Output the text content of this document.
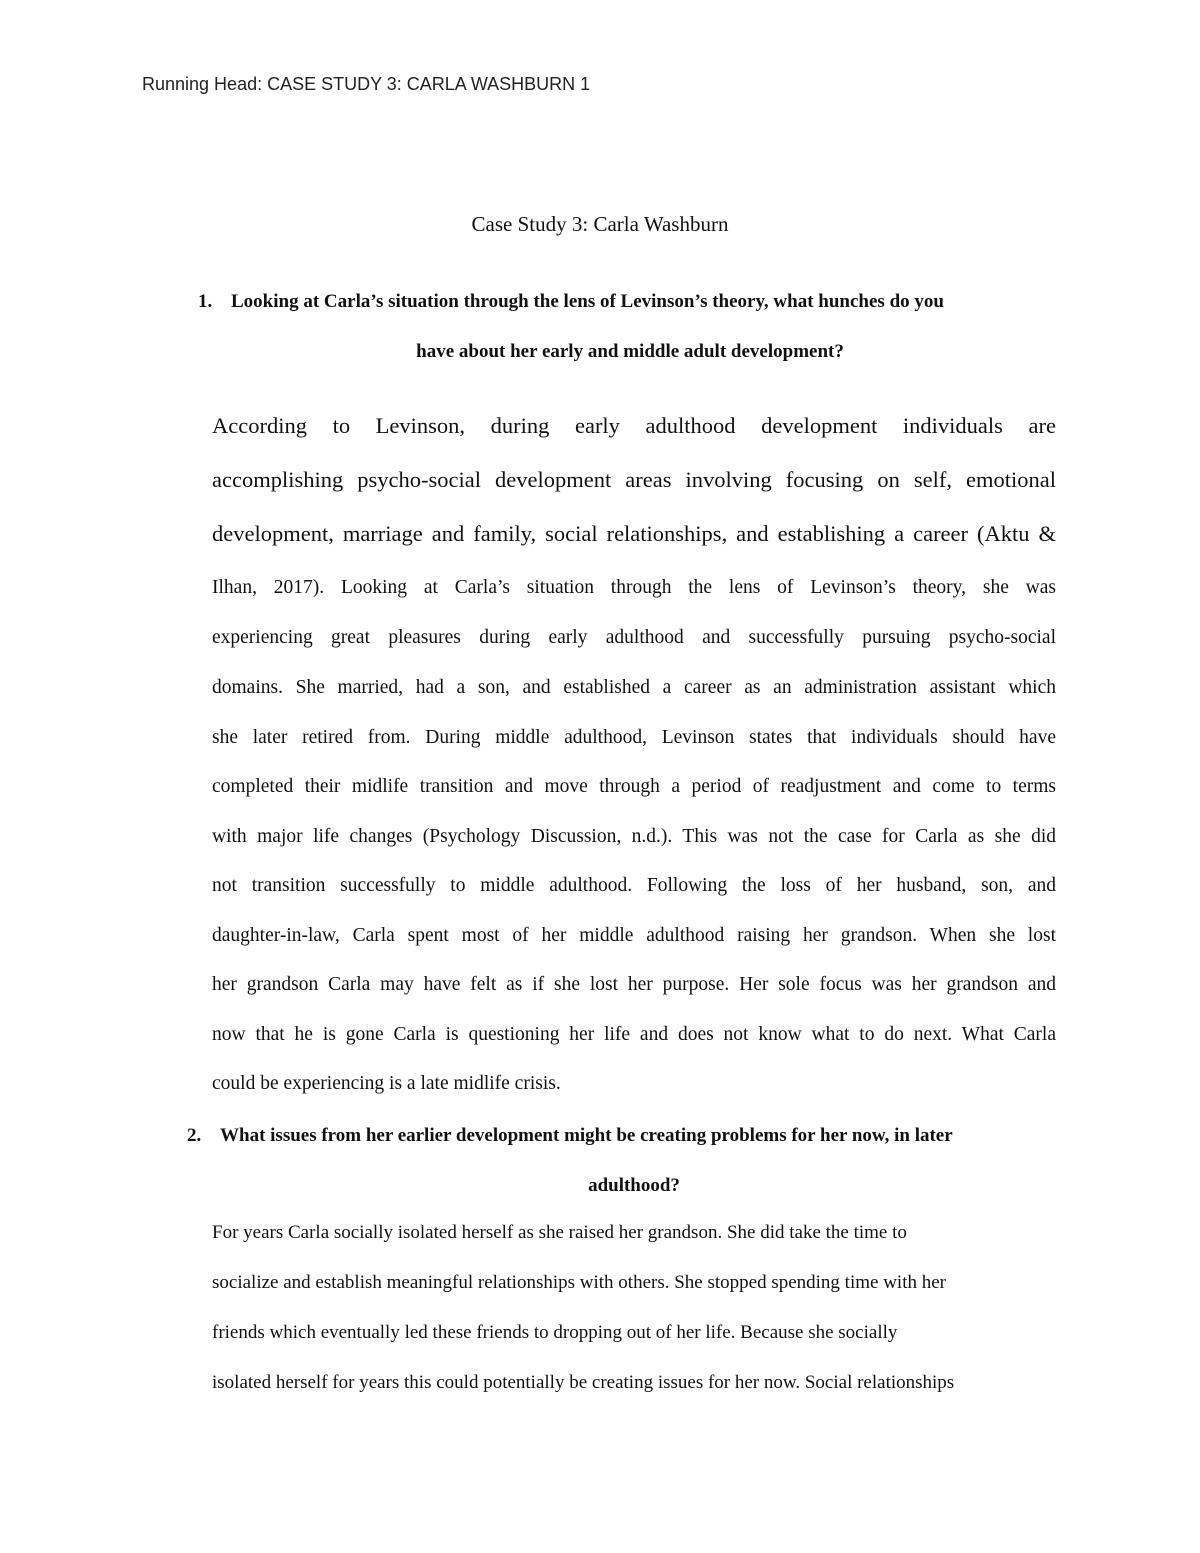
Running Head: CASE STUDY 3: CARLA WASHBURN 1
Case Study 3: Carla Washburn
1. Looking at Carla’s situation through the lens of Levinson’s theory, what hunches do you
have about her early and middle adult development?
According to Levinson, during early adulthood development individuals are
accomplishing psycho-social development areas involving focusing on self, emotional
development, marriage and family, social relationships, and establishing a career (Aktu &
Ilhan, 2017). Looking at Carla’s situation through the lens of Levinson’s theory, she was
experiencing great pleasures during early adulthood and successfully pursuing psycho-social
domains. She married, had a son, and established a career as an administration assistant which
she later retired from. During middle adulthood, Levinson states that individuals should have
completed their midlife transition and move through a period of readjustment and come to terms
with major life changes (Psychology Discussion, n.d.). This was not the case for Carla as she did
not transition successfully to middle adulthood. Following the loss of her husband, son, and
daughter-in-law, Carla spent most of her middle adulthood raising her grandson. When she lost
her grandson Carla may have felt as if she lost her purpose. Her sole focus was her grandson and
now that he is gone Carla is questioning her life and does not know what to do next. What Carla
could be experiencing is a late midlife crisis.
2. What issues from her earlier development might be creating problems for her now, in later
adulthood?
For years Carla socially isolated herself as she raised her grandson. She did take the time to
socialize and establish meaningful relationships with others. She stopped spending time with her
friends which eventually led these friends to dropping out of her life. Because she socially
isolated herself for years this could potentially be creating issues for her now. Social relationships
